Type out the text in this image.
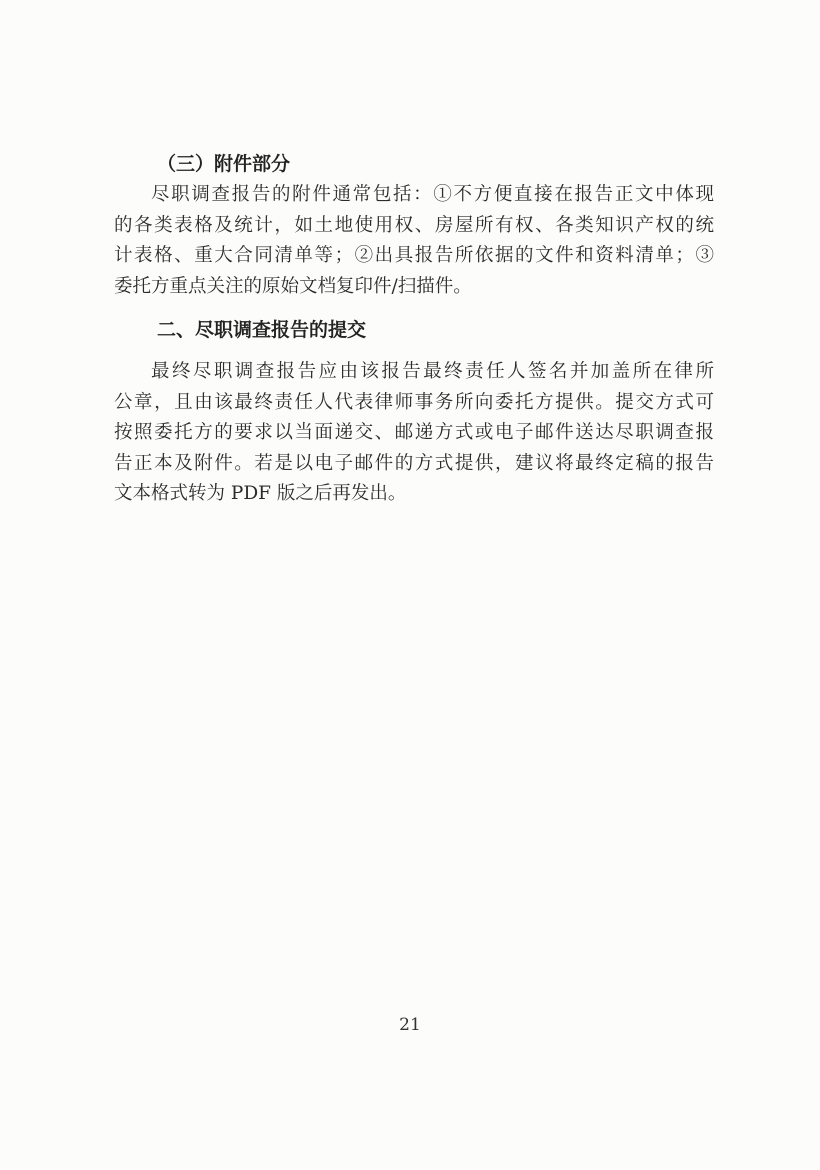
（三）附件部分
尽职调查报告的附件通常包括：①不方便直接在报告正文中体现
的各类表格及统计，如土地使用权、房屋所有权、各类知识产权的统
计表格、重大合同清单等；②出具报告所依据的文件和资料清单；③
委托方重点关注的原始文档复印件/扫描件。
二、尽职调查报告的提交
最终尽职调查报告应由该报告最终责任人签名并加盖所在律所
公章，且由该最终责任人代表律师事务所向委托方提供。提交方式可
按照委托方的要求以当面递交、邮递方式或电子邮件送达尽职调查报
告正本及附件。若是以电子邮件的方式提供，建议将最终定稿的报告
文本格式转为 PDF 版之后再发出。
21
